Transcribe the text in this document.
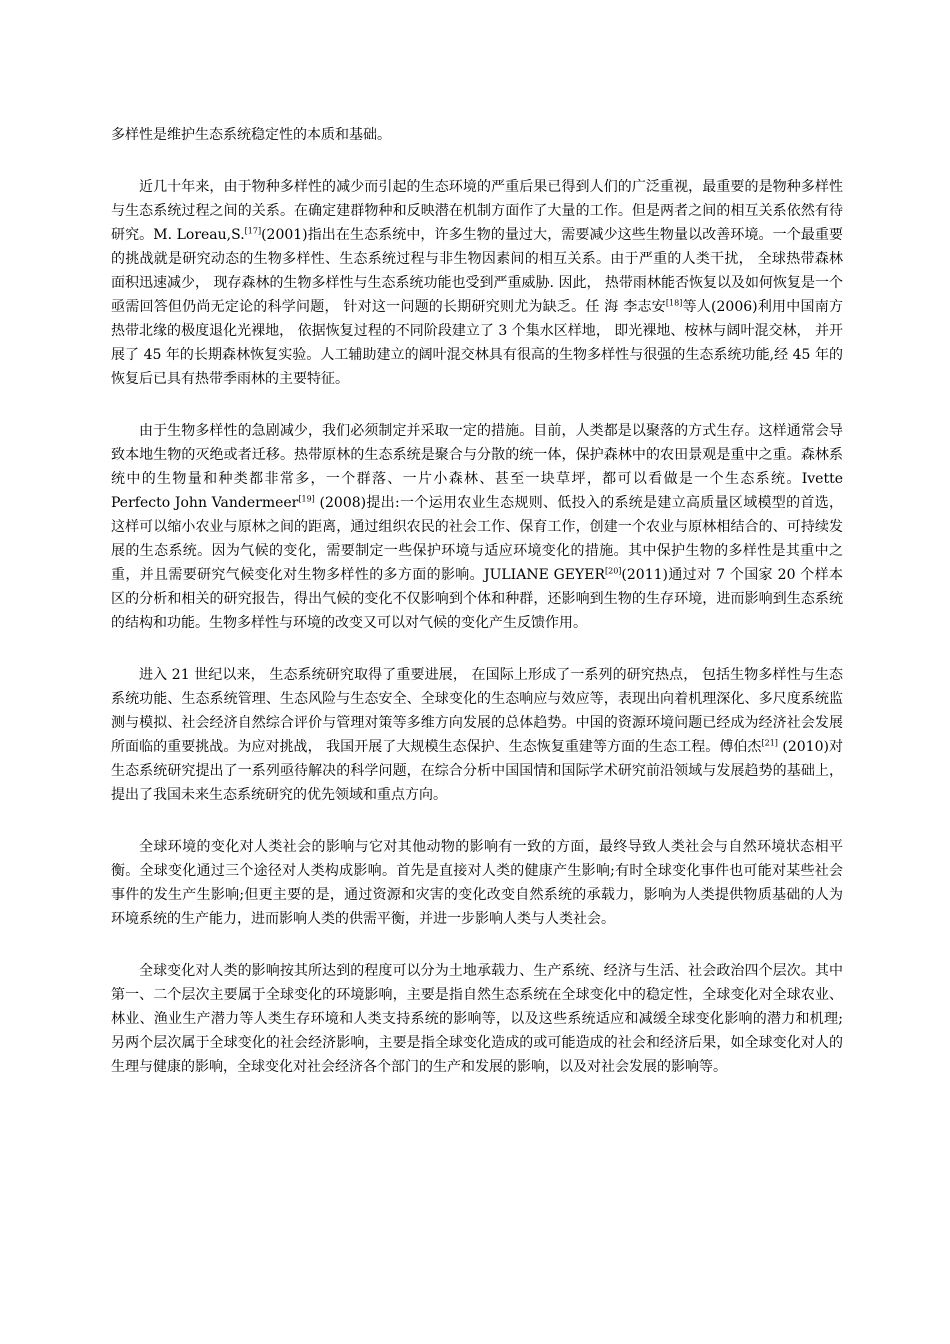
多样性是维护生态系统稳定性的本质和基础。

近几十年来，由于物种多样性的减少而引起的生态环境的严重后果已得到人们的广泛重视，最重要的是物种多样性与生态系统过程之间的关系。在确定建群物种和反映潜在机制方面作了大量的工作。但是两者之间的相互关系依然有待研究。M. Loreau,S.[17](2001)指出在生态系统中，许多生物的量过大，需要减少这些生物量以改善环境。一个最重要的挑战就是研究动态的生物多样性、生态系统过程与非生物因素间的相互关系。由于严重的人类干扰， 全球热带森林面积迅速减少， 现存森林的生物多样性与生态系统功能也受到严重威胁. 因此， 热带雨林能否恢复以及如何恢复是一个亟需回答但仍尚无定论的科学问题， 针对这一问题的长期研究则尤为缺乏。任 海 李志安[18]等人(2006)利用中国南方热带北缘的极度退化光裸地， 依据恢复过程的不同阶段建立了 3 个集水区样地， 即光裸地、桉林与阔叶混交林， 并开展了 45 年的长期森林恢复实验。人工辅助建立的阔叶混交林具有很高的生物多样性与很强的生态系统功能,经 45 年的恢复后已具有热带季雨林的主要特征。

由于生物多样性的急剧减少，我们必须制定并采取一定的措施。目前，人类都是以聚落的方式生存。这样通常会导致本地生物的灭绝或者迁移。热带原林的生态系统是聚合与分散的统一体，保护森林中的农田景观是重中之重。森林系统中的生物量和种类都非常多，一个群落、一片小森林、甚至一块草坪，都可以看做是一个生态系统。Ivette Perfecto John Vandermeer[19] (2008)提出:一个运用农业生态规则、低投入的系统是建立高质量区域模型的首选，这样可以缩小农业与原林之间的距离，通过组织农民的社会工作、保育工作，创建一个农业与原林相结合的、可持续发展的生态系统。因为气候的变化，需要制定一些保护环境与适应环境变化的措施。其中保护生物的多样性是其重中之重，并且需要研究气候变化对生物多样性的多方面的影响。JULIANE GEYER[20](2011)通过对 7 个国家 20 个样本区的分析和相关的研究报告，得出气候的变化不仅影响到个体和种群，还影响到生物的生存环境，进而影响到生态系统的结构和功能。生物多样性与环境的改变又可以对气候的变化产生反馈作用。

进入 21 世纪以来， 生态系统研究取得了重要进展， 在国际上形成了一系列的研究热点， 包括生物多样性与生态系统功能、生态系统管理、生态风险与生态安全、全球变化的生态响应与效应等，表现出向着机理深化、多尺度系统监测与模拟、社会经济自然综合评价与管理对策等多维方向发展的总体趋势。中国的资源环境问题已经成为经济社会发展所面临的重要挑战。为应对挑战， 我国开展了大规模生态保护、生态恢复重建等方面的生态工程。傅伯杰[21] (2010)对生态系统研究提出了一系列亟待解决的科学问题，在综合分析中国国情和国际学术研究前沿领域与发展趋势的基础上， 提出了我国未来生态系统研究的优先领域和重点方向。

全球环境的变化对人类社会的影响与它对其他动物的影响有一致的方面，最终导致人类社会与自然环境状态相平衡。全球变化通过三个途径对人类构成影响。首先是直接对人类的健康产生影响;有时全球变化事件也可能对某些社会事件的发生产生影响;但更主要的是，通过资源和灾害的变化改变自然系统的承载力，影响为人类提供物质基础的人为环境系统的生产能力，进而影响人类的供需平衡，并进一步影响人类与人类社会。

全球变化对人类的影响按其所达到的程度可以分为土地承载力、生产系统、经济与生活、社会政治四个层次。其中第一、二个层次主要属于全球变化的环境影响，主要是指自然生态系统在全球变化中的稳定性，全球变化对全球农业、林业、渔业生产潜力等人类生存环境和人类支持系统的影响等，以及这些系统适应和减缓全球变化影响的潜力和机理;另两个层次属于全球变化的社会经济影响，主要是指全球变化造成的或可能造成的社会和经济后果，如全球变化对人的生理与健康的影响，全球变化对社会经济各个部门的生产和发展的影响，以及对社会发展的影响等。
